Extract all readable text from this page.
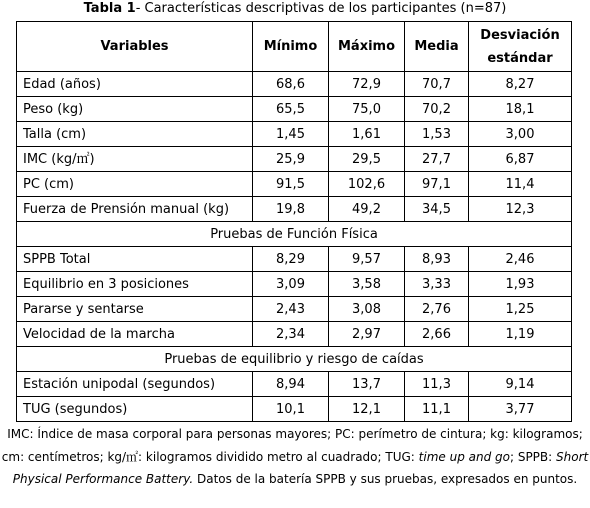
Tabla 1- Características descriptivas de los participantes (n=87)
Variables	Mínimo	Máximo	Media	Desviación estándar
Edad (años)	68,6	72,9	70,7	8,27
Peso (kg)	65,5	75,0	70,2	18,1
Talla (cm)	1,45	1,61	1,53	3,00
IMC (kg/㎡)	25,9	29,5	27,7	6,87
PC (cm)	91,5	102,6	97,1	11,4
Fuerza de Prensión manual (kg)	19,8	49,2	34,5	12,3
Pruebas de Función Física				
SPPB Total	8,29	9,57	8,93	2,46
Equilibrio en 3 posiciones	3,09	3,58	3,33	1,93
Pararse y sentarse	2,43	3,08	2,76	1,25
Velocidad de la marcha	2,34	2,97	2,66	1,19
Pruebas de equilibrio y riesgo de caídas				
Estación unipodal (segundos)	8,94	13,7	11,3	9,14
TUG (segundos)	10,1	12,1	11,1	3,77
IMC: Índice de masa corporal para personas mayores; PC: perímetro de cintura; kg: kilogramos; cm: centímetros; kg/㎡: kilogramos dividido metro al cuadrado; TUG: time up and go; SPPB: Short Physical Performance Battery. Datos de la batería SPPB y sus pruebas, expresados en puntos.
